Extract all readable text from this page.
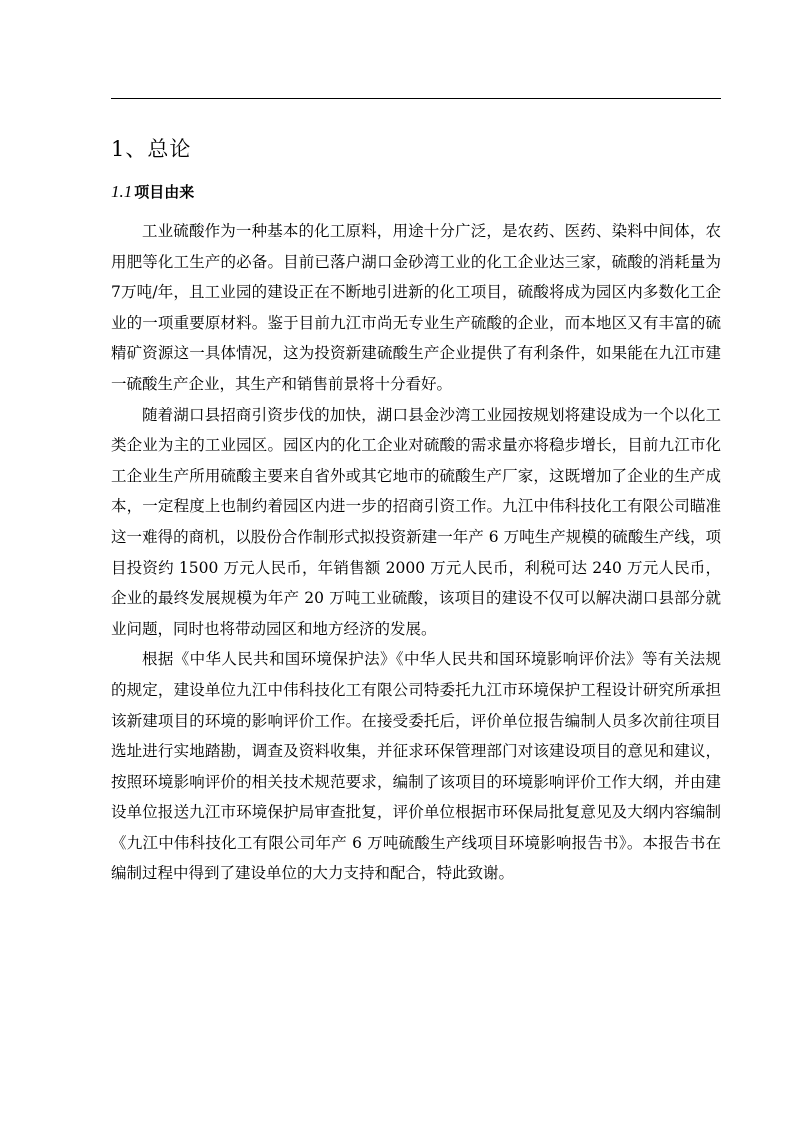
1、总论
1.1 项目由来

工业硫酸作为一种基本的化工原料，用途十分广泛，是农药、医药、染料中间体，农用肥等化工生产的必备。目前已落户湖口金砂湾工业的化工企业达三家，硫酸的消耗量为 7万吨/年，且工业园的建设正在不断地引进新的化工项目，硫酸将成为园区内多数化工企业的一项重要原材料。鉴于目前九江市尚无专业生产硫酸的企业，而本地区又有丰富的硫精矿资源这一具体情况，这为投资新建硫酸生产企业提供了有利条件，如果能在九江市建一硫酸生产企业，其生产和销售前景将十分看好。

随着湖口县招商引资步伐的加快，湖口县金沙湾工业园按规划将建设成为一个以化工类企业为主的工业园区。园区内的化工企业对硫酸的需求量亦将稳步增长，目前九江市化工企业生产所用硫酸主要来自省外或其它地市的硫酸生产厂家，这既增加了企业的生产成本，一定程度上也制约着园区内进一步的招商引资工作。九江中伟科技化工有限公司瞄准这一难得的商机，以股份合作制形式拟投资新建一年产 6 万吨生产规模的硫酸生产线，项目投资约 1500 万元人民币，年销售额 2000 万元人民币，利税可达 240 万元人民币，企业的最终发展规模为年产 20 万吨工业硫酸，该项目的建设不仅可以解决湖口县部分就业问题，同时也将带动园区和地方经济的发展。

根据《中华人民共和国环境保护法》《中华人民共和国环境影响评价法》等有关法规的规定，建设单位九江中伟科技化工有限公司特委托九江市环境保护工程设计研究所承担该新建项目的环境的影响评价工作。在接受委托后，评价单位报告编制人员多次前往项目选址进行实地踏勘，调查及资料收集，并征求环保管理部门对该建设项目的意见和建议，按照环境影响评价的相关技术规范要求，编制了该项目的环境影响评价工作大纲，并由建设单位报送九江市环境保护局审查批复，评价单位根据市环保局批复意见及大纲内容编制《九江中伟科技化工有限公司年产 6 万吨硫酸生产线项目环境影响报告书》。本报告书在编制过程中得到了建设单位的大力支持和配合，特此致谢。
